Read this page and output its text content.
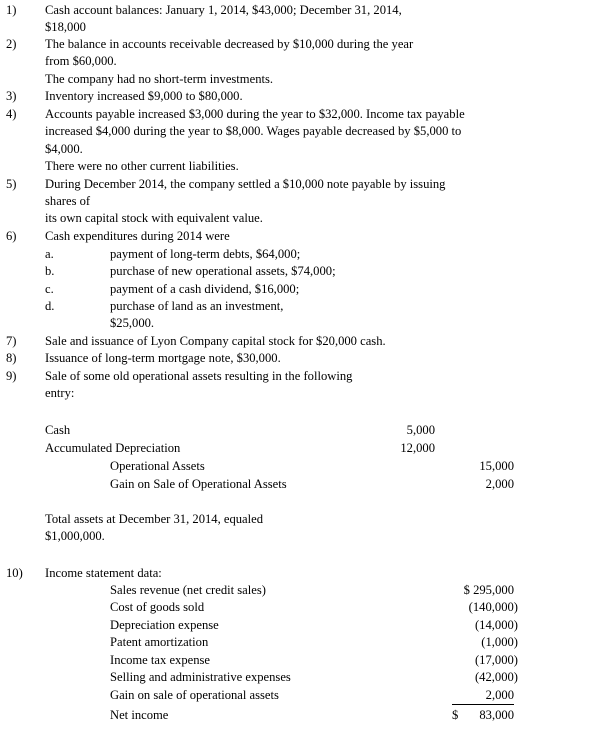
1) Cash account balances: January 1, 2014, $43,000; December 31, 2014,
$18,000
2) The balance in accounts receivable decreased by $10,000 during the year
from $60,000.
The company had no short-term investments.
3) Inventory increased $9,000 to $80,000.
4) Accounts payable increased $3,000 during the year to $32,000. Income tax payable
increased $4,000 during the year to $8,000. Wages payable decreased by $5,000 to
$4,000.
There were no other current liabilities.
5) During December 2014, the company settled a $10,000 note payable by issuing
shares of
its own capital stock with equivalent value.
6) Cash expenditures during 2014 were
a.	payment of long-term debts, $64,000;
b.	purchase of new operational assets, $74,000;
c.	payment of a cash dividend, $16,000;
d.	purchase of land as an investment,
$25,000.
7) Sale and issuance of Lyon Company capital stock for $20,000 cash.
8) Issuance of long-term mortgage note, $30,000.
9) Sale of some old operational assets resulting in the following
entry:
Cash	5,000
Accumulated Depreciation	12,000
Operational Assets	15,000
Gain on Sale of Operational Assets	2,000
Total assets at December 31, 2014, equaled
$1,000,000.
10) Income statement data:
Sales revenue (net credit sales)	$ 295,000
Cost of goods sold	(140,000)
Depreciation expense	(14,000)
Patent amortization	(1,000)
Income tax expense	(17,000)
Selling and administrative expenses	(42,000)
Gain on sale of operational assets	2,000
Net income	$	83,000
